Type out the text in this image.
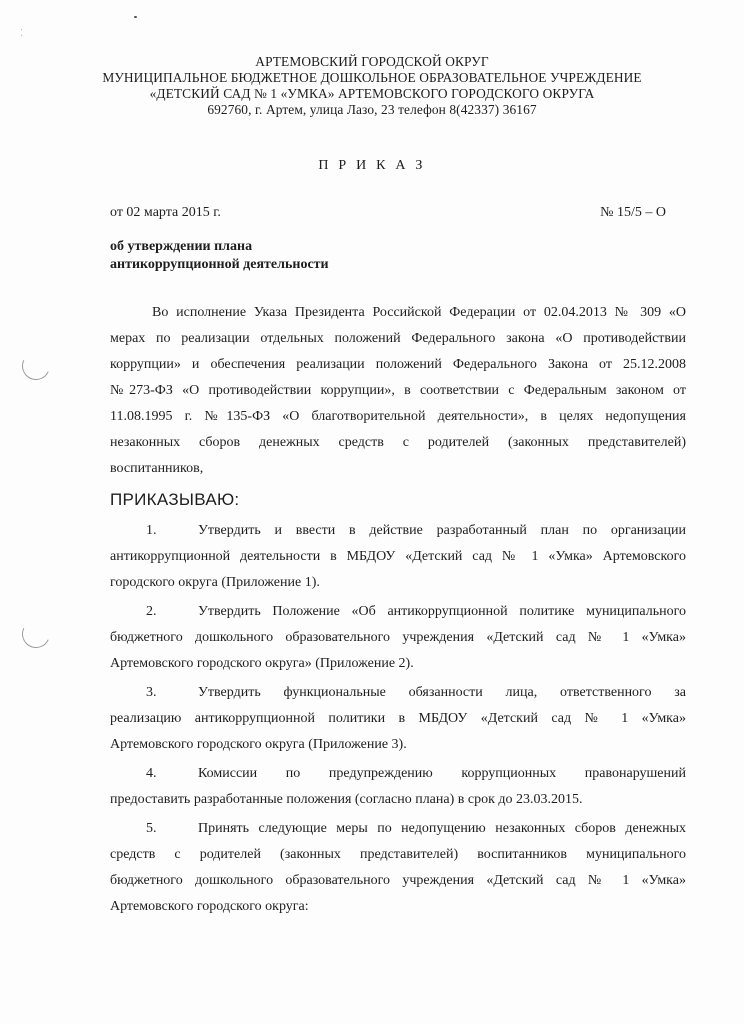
⁚
АРТЕМОВСКИЙ ГОРОДСКОЙ ОКРУГ
МУНИЦИПАЛЬНОЕ БЮДЖЕТНОЕ ДОШКОЛЬНОЕ ОБРАЗОВАТЕЛЬНОЕ УЧРЕЖДЕНИЕ
«ДЕТСКИЙ САД № 1 «УМКА» АРТЕМОВСКОГО ГОРОДСКОГО ОКРУГА
692760, г. Артем, улица Лазо, 23 телефон 8(42337) 36167
П Р И К А З
от 02 марта 2015 г.	№ 15/5 – О
об утверждении плана
антикоррупционной деятельности
Во исполнение Указа Президента Российской Федерации от 02.04.2013 № 309 «О
мерах по реализации отдельных положений Федерального закона «О противодействии
коррупции» и обеспечения реализации положений Федерального Закона от 25.12.2008
№273-ФЗ «О противодействии коррупции», в соответствии с Федеральным законом от
11.08.1995 г. №135-ФЗ «О благотворительной деятельности», в целях недопущения
незаконных сборов денежных средств с родителей (законных представителей)
воспитанников,
ПРИКАЗЫВАЮ:
1.	Утвердить и ввести в действие разработанный план по организации
антикоррупционной деятельности в МБДОУ «Детский сад № 1 «Умка» Артемовского
городского округа (Приложение 1).
2.	Утвердить Положение «Об антикоррупционной политике муниципального
бюджетного дошкольного образовательного учреждения «Детский сад № 1 «Умка»
Артемовского городского округа» (Приложение 2).
3.	Утвердить функциональные обязанности лица, ответственного за
реализацию антикоррупционной политики в МБДОУ «Детский сад № 1 «Умка»
Артемовского городского округа (Приложение 3).
4.	Комиссии по предупреждению коррупционных правонарушений
предоставить разработанные положения (согласно плана) в срок до 23.03.2015.
5.	Принять следующие меры по недопущению незаконных сборов денежных
средств с родителей (законных представителей) воспитанников муниципального
бюджетного дошкольного образовательного учреждения «Детский сад № 1 «Умка»
Артемовского городского округа:
